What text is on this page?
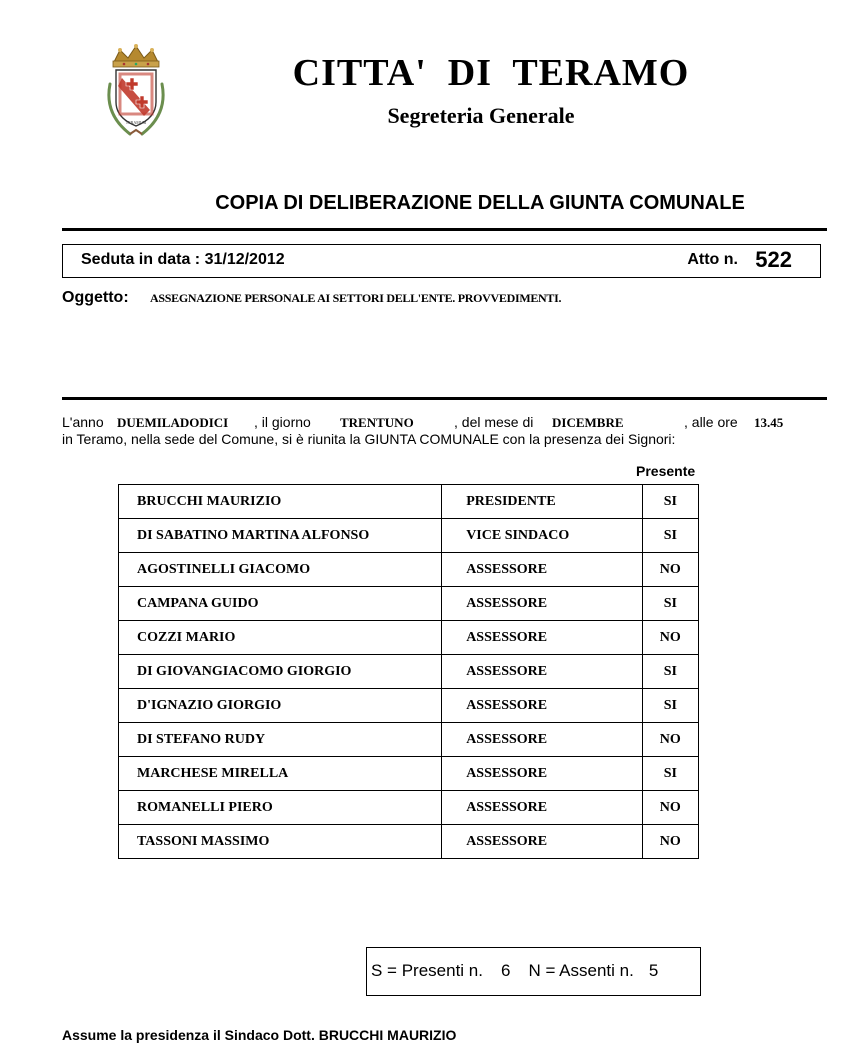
TERAMUM
CITTA'  DI  TERAMO
Segreteria Generale
COPIA DI DELIBERAZIONE DELLA GIUNTA COMUNALE
Seduta in data : 31/12/2012	Atto n. 522
Oggetto: ASSEGNAZIONE PERSONALE AI SETTORI DELL'ENTE. PROVVEDIMENTI.
L'anno DUEMILADODICI , il giorno TRENTUNO	, del mese di DICEMBRE	, alle ore 13.45
in Teramo, nella sede del Comune, si è riunita la GIUNTA COMUNALE con la presenza dei Signori:
Presente
BRUCCHI MAURIZIO	PRESIDENTE	SI
DI SABATINO MARTINA ALFONSO	VICE SINDACO	SI
AGOSTINELLI GIACOMO	ASSESSORE	NO
CAMPANA GUIDO	ASSESSORE	SI
COZZI MARIO	ASSESSORE	NO
DI GIOVANGIACOMO GIORGIO	ASSESSORE	SI
D'IGNAZIO GIORGIO	ASSESSORE	SI
DI STEFANO RUDY	ASSESSORE	NO
MARCHESE MIRELLA	ASSESSORE	SI
ROMANELLI PIERO	ASSESSORE	NO
TASSONI MASSIMO	ASSESSORE	NO
S = Presenti n. 6 N = Assenti n. 5
Assume la presidenza il Sindaco Dott. BRUCCHI MAURIZIO
